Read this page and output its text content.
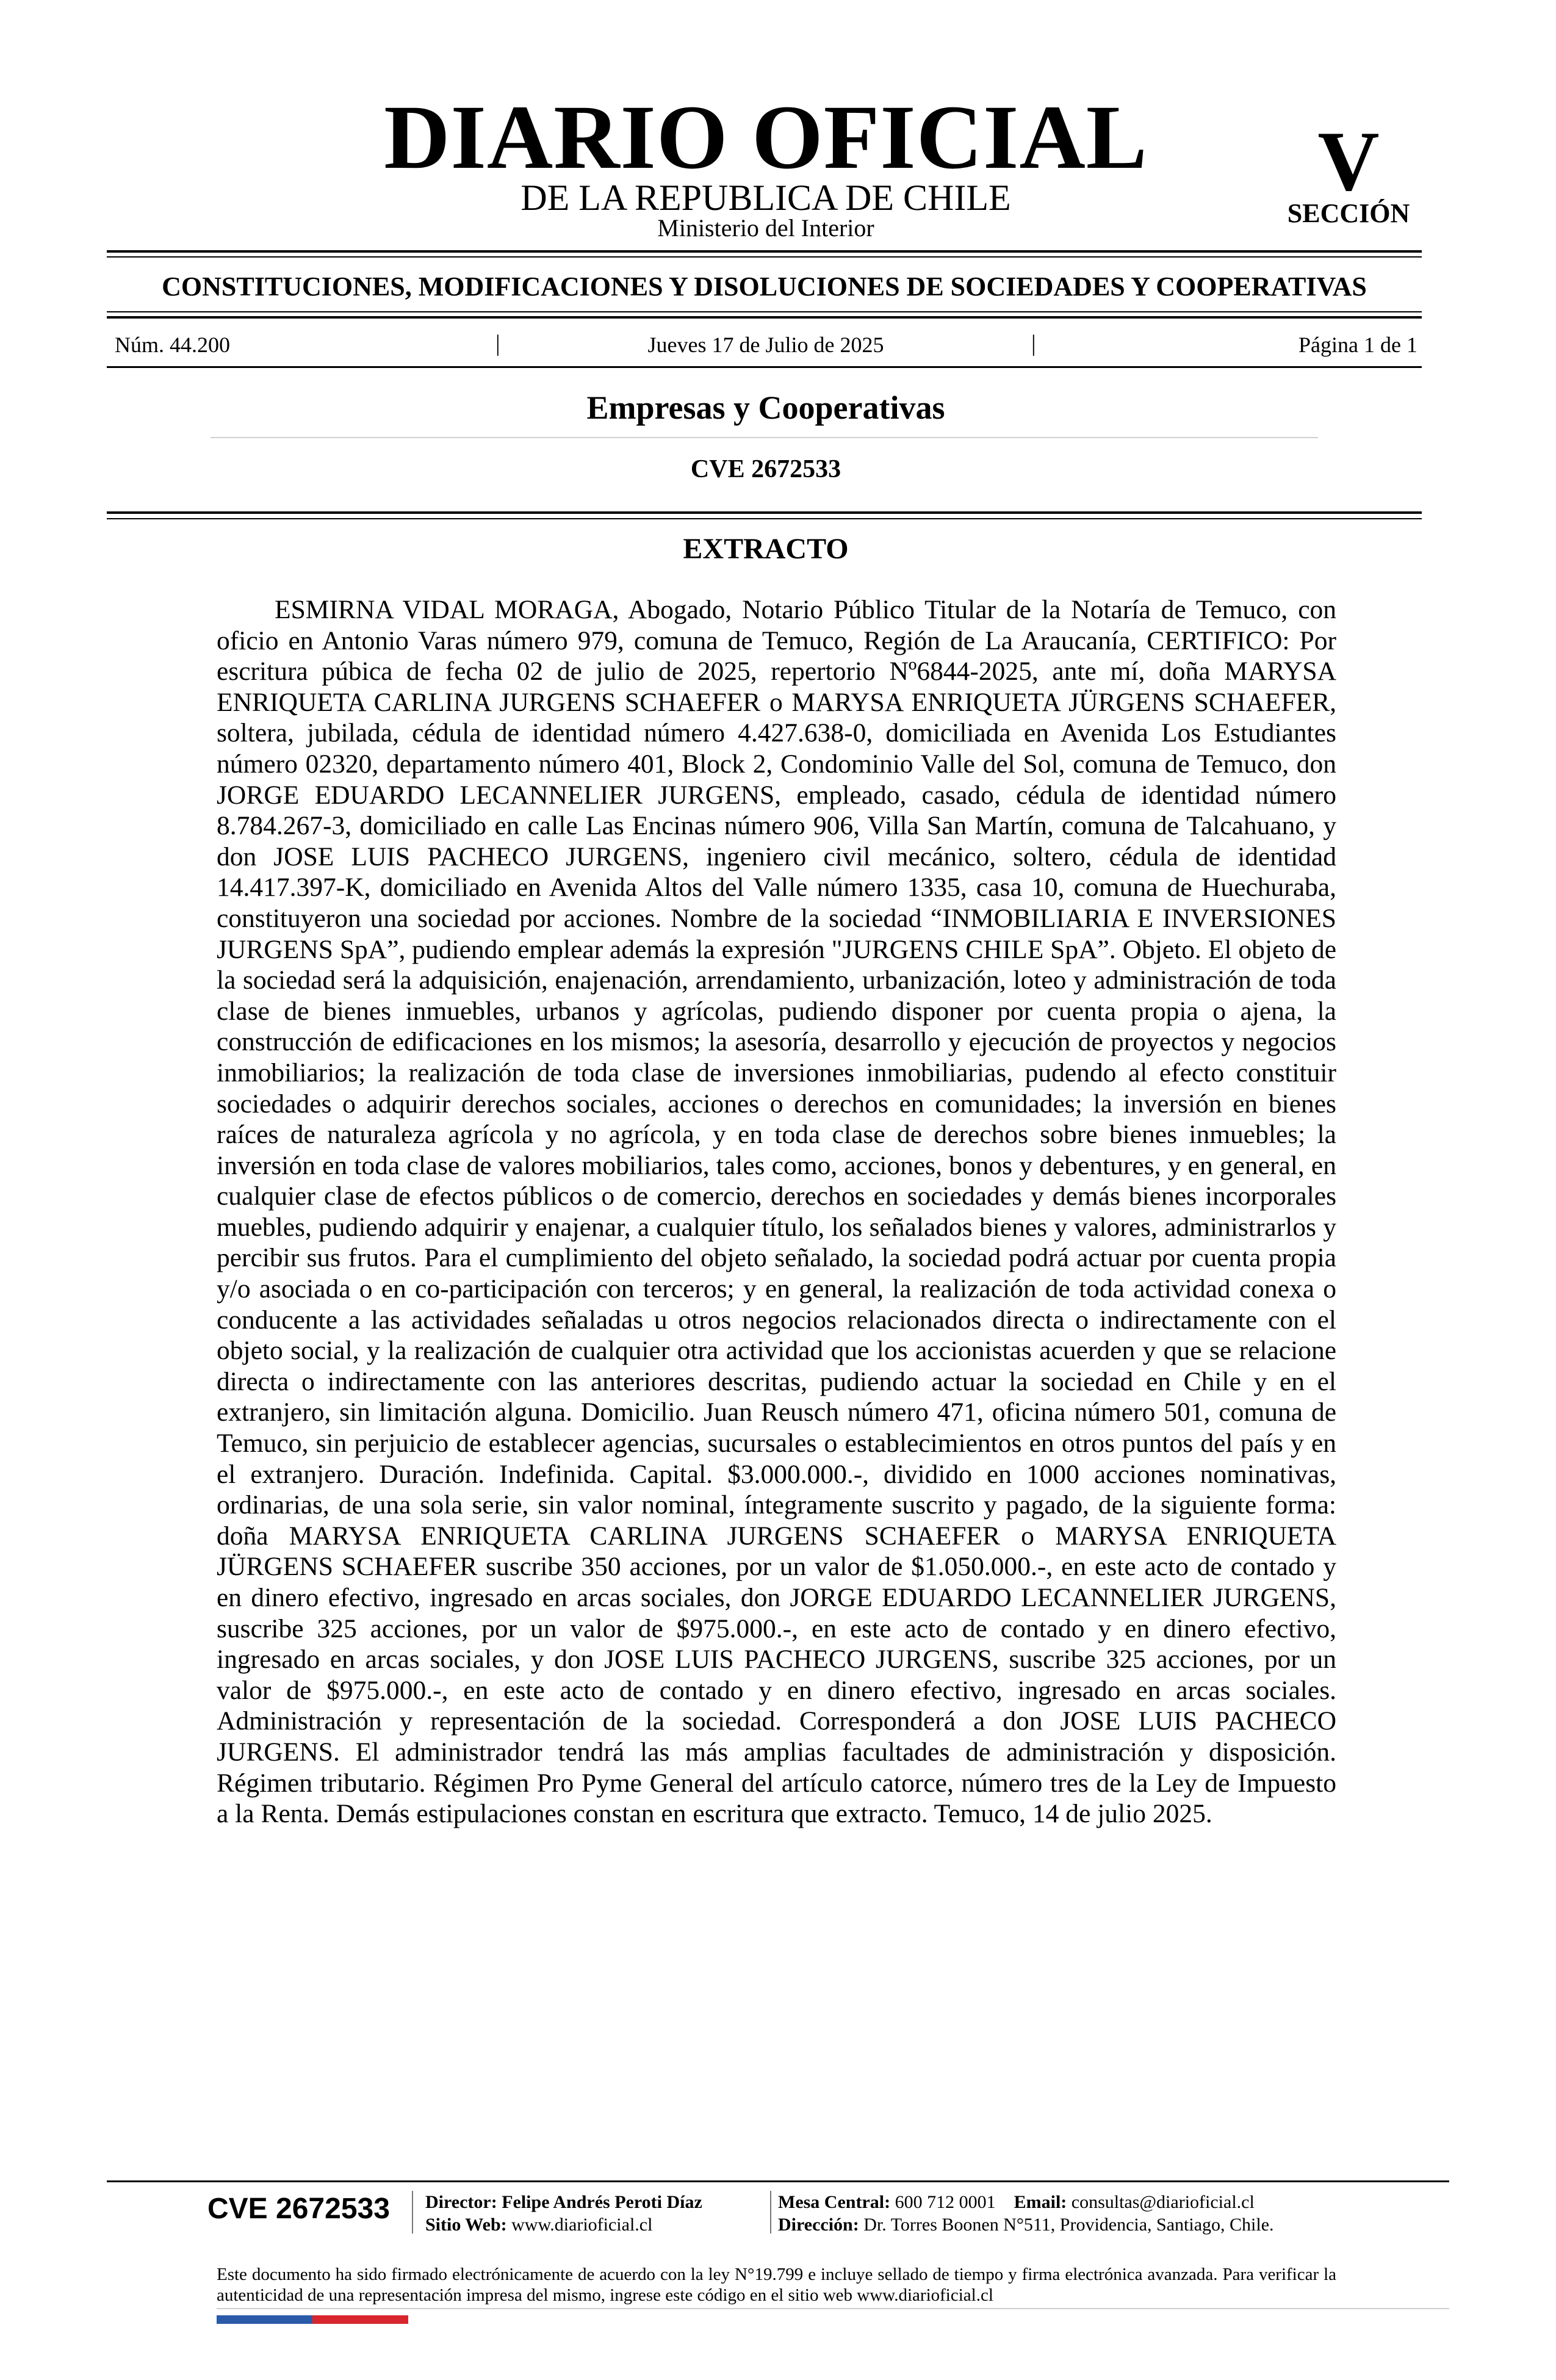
DIARIO OFICIAL
DE LA REPUBLICA DE CHILE
Ministerio del Interior
V
SECCIÓN
CONSTITUCIONES, MODIFICACIONES Y DISOLUCIONES DE SOCIEDADES Y COOPERATIVAS
Núm. 44.200	|	Jueves 17 de Julio de 2025	|	Página 1 de 1
Empresas y Cooperativas
CVE 2672533
EXTRACTO
ESMIRNA VIDAL MORAGA, Abogado, Notario Público Titular de la Notaría de Temuco, con oficio en Antonio Varas número 979, comuna de Temuco, Región de La Araucanía, CERTIFICO: Por escritura púbica de fecha 02 de julio de 2025, repertorio Nº6844-2025, ante mí, doña MARYSA ENRIQUETA CARLINA JURGENS SCHAEFER o MARYSA ENRIQUETA JÜRGENS SCHAEFER, soltera, jubilada, cédula de identidad número 4.427.638-0, domiciliada en Avenida Los Estudiantes número 02320, departamento número 401, Block 2, Condominio Valle del Sol, comuna de Temuco, don JORGE EDUARDO LECANNELIER JURGENS, empleado, casado, cédula de identidad número 8.784.267-3, domiciliado en calle Las Encinas número 906, Villa San Martín, comuna de Talcahuano, y don JOSE LUIS PACHECO JURGENS, ingeniero civil mecánico, soltero, cédula de identidad 14.417.397-K, domiciliado en Avenida Altos del Valle número 1335, casa 10, comuna de Huechuraba, constituyeron una sociedad por acciones. Nombre de la sociedad “INMOBILIARIA E INVERSIONES JURGENS SpA”, pudiendo emplear además la expresión "JURGENS CHILE SpA”. Objeto. El objeto de la sociedad será la adquisición, enajenación, arrendamiento, urbanización, loteo y administración de toda clase de bienes inmuebles, urbanos y agrícolas, pudiendo disponer por cuenta propia o ajena, la construcción de edificaciones en los mismos; la asesoría, desarrollo y ejecución de proyectos y negocios inmobiliarios; la realización de toda clase de inversiones inmobiliarias, pudendo al efecto constituir sociedades o adquirir derechos sociales, acciones o derechos en comunidades; la inversión en bienes raíces de naturaleza agrícola y no agrícola, y en toda clase de derechos sobre bienes inmuebles; la inversión en toda clase de valores mobiliarios, tales como, acciones, bonos y debentures, y en general, en cualquier clase de efectos públicos o de comercio, derechos en sociedades y demás bienes incorporales muebles, pudiendo adquirir y enajenar, a cualquier título, los señalados bienes y valores, administrarlos y percibir sus frutos. Para el cumplimiento del objeto señalado, la sociedad podrá actuar por cuenta propia y/o asociada o en co-participación con terceros; y en general, la realización de toda actividad conexa o conducente a las actividades señaladas u otros negocios relacionados directa o indirectamente con el objeto social, y la realización de cualquier otra actividad que los accionistas acuerden y que se relacione directa o indirectamente con las anteriores descritas, pudiendo actuar la sociedad en Chile y en el extranjero, sin limitación alguna. Domicilio. Juan Reusch número 471, oficina número 501, comuna de Temuco, sin perjuicio de establecer agencias, sucursales o establecimientos en otros puntos del país y en el extranjero. Duración. Indefinida. Capital. $3.000.000.-, dividido en 1000 acciones nominativas, ordinarias, de una sola serie, sin valor nominal, íntegramente suscrito y pagado, de la siguiente forma: doña MARYSA ENRIQUETA CARLINA JURGENS SCHAEFER o MARYSA ENRIQUETA JÜRGENS SCHAEFER suscribe 350 acciones, por un valor de $1.050.000.-, en este acto de contado y en dinero efectivo, ingresado en arcas sociales, don JORGE EDUARDO LECANNELIER JURGENS, suscribe 325 acciones, por un valor de $975.000.-, en este acto de contado y en dinero efectivo, ingresado en arcas sociales, y don JOSE LUIS PACHECO JURGENS, suscribe 325 acciones, por un valor de $975.000.-, en este acto de contado y en dinero efectivo, ingresado en arcas sociales. Administración y representación de la sociedad. Corresponderá a don JOSE LUIS PACHECO JURGENS. El administrador tendrá las más amplias facultades de administración y disposición. Régimen tributario. Régimen Pro Pyme General del artículo catorce, número tres de la Ley de Impuesto a la Renta. Demás estipulaciones constan en escritura que extracto. Temuco, 14 de julio 2025.
CVE 2672533	Director: Felipe Andrés Peroti Díaz
Sitio Web: www.diarioficial.cl
Mesa Central: 600 712 0001 Email: consultas@diarioficial.cl
Dirección: Dr. Torres Boonen N°511, Providencia, Santiago, Chile.
Este documento ha sido firmado electrónicamente de acuerdo con la ley N°19.799 e incluye sellado de tiempo y firma electrónica avanzada. Para verificar la autenticidad de una representación impresa del mismo, ingrese este código en el sitio web www.diarioficial.cl
